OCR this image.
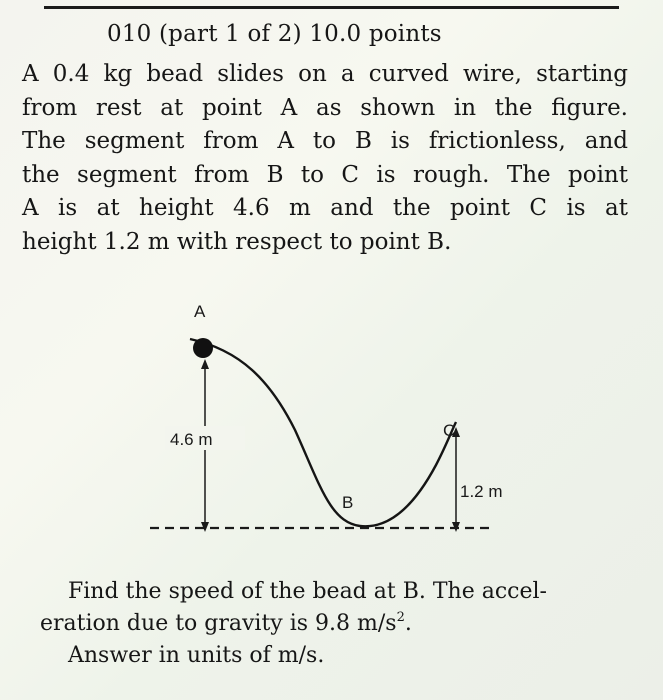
010 (part 1 of 2) 10.0 points
A 0.4 kg bead slides on a curved wire, starting
from rest at point A as shown in the figure.
The segment from A to B is frictionless, and
the segment from B to C is rough. The point
A is at height 4.6 m and the point C is at
height 1.2 m with respect to point B.
A
B
C
4.6 m
1.2 m
Find the speed of the bead at B. The accel-
eration due to gravity is 9.8 $m/s^2$.
Answer in units of m/s.
